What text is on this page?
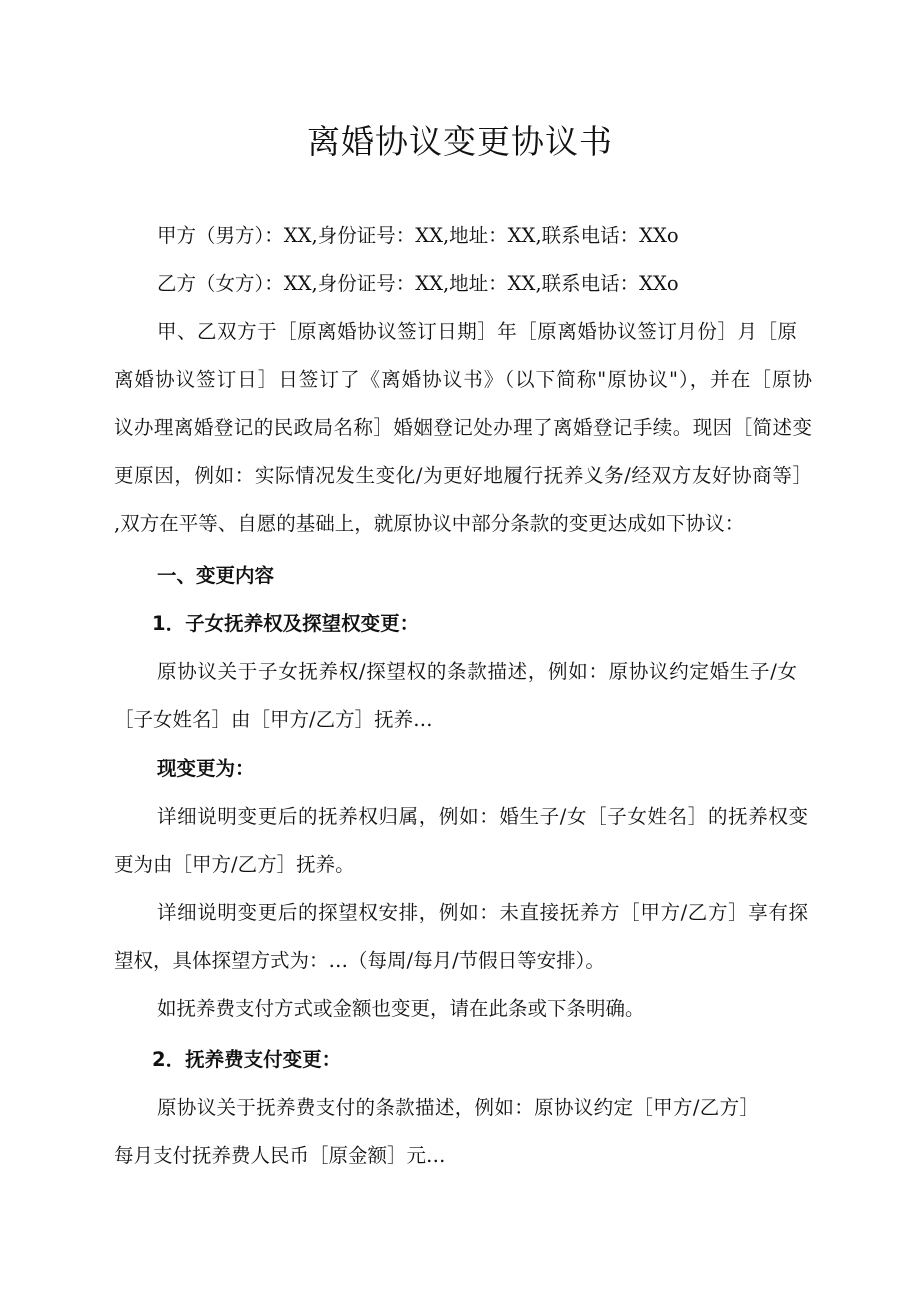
离婚协议变更协议书

甲方（男方）：XX,身份证号：XX,地址：XX,联系电话：XXo

乙方（女方）：XX,身份证号：XX,地址：XX,联系电话：XXo

甲、乙双方于［原离婚协议签订日期］年［原离婚协议签订月份］月［原

离婚协议签订日］日签订了《离婚协议书》（以下简称"原协议"），并在［原协

议办理离婚登记的民政局名称］婚姻登记处办理了离婚登记手续。现因［简述变

更原因，例如：实际情况发生变化/为更好地履行抚养义务/经双方友好协商等］

,双方在平等、自愿的基础上，就原协议中部分条款的变更达成如下协议：

一、变更内容

1．子女抚养权及探望权变更：

原协议关于子女抚养权/探望权的条款描述，例如：原协议约定婚生子/女

［子女姓名］由［甲方/乙方］抚养…

现变更为：

详细说明变更后的抚养权归属，例如：婚生子/女［子女姓名］的抚养权变

更为由［甲方/乙方］抚养。

详细说明变更后的探望权安排，例如：未直接抚养方［甲方/乙方］享有探

望权，具体探望方式为：…（每周/每月/节假日等安排）。

如抚养费支付方式或金额也变更，请在此条或下条明确。

2．抚养费支付变更：

原协议关于抚养费支付的条款描述，例如：原协议约定［甲方/乙方］

每月支付抚养费人民币［原金额］元…
